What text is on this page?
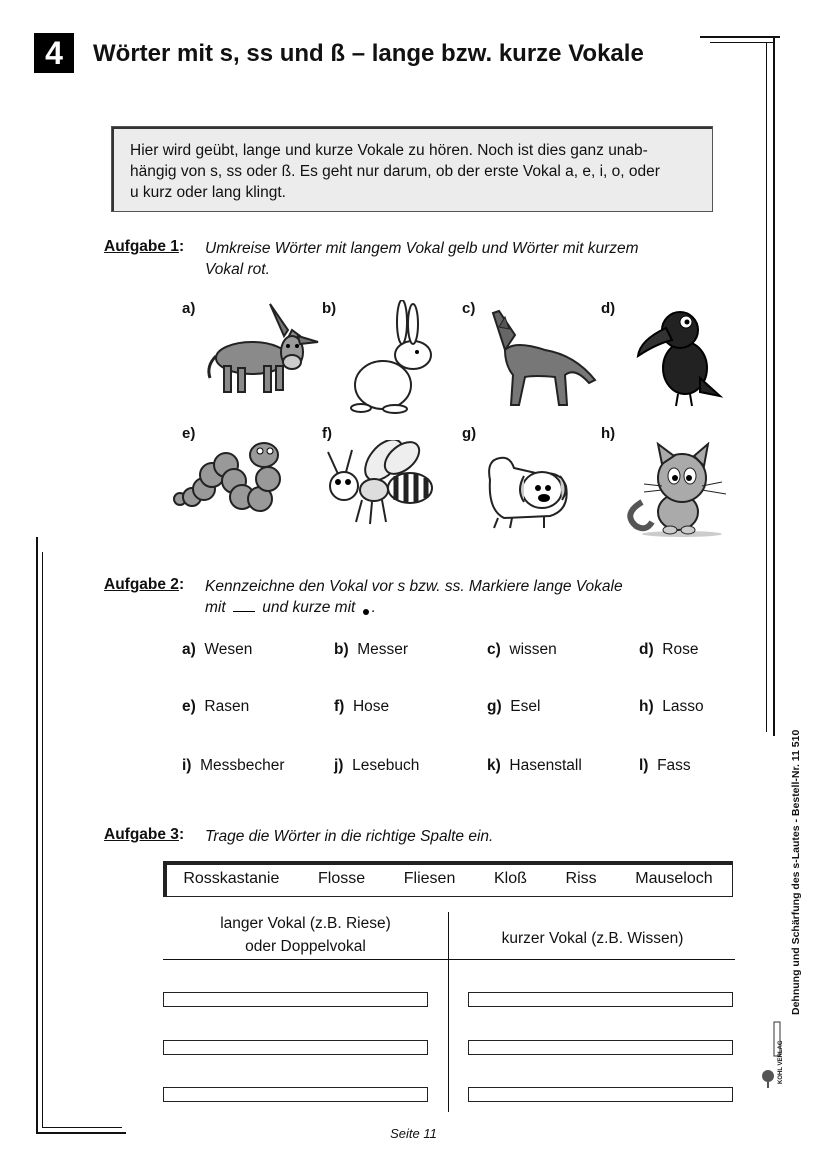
4	Wörter mit s, ss und ß – lange bzw. kurze Vokale
Hier wird geübt, lange und kurze Vokale zu hören. Noch ist dies ganz unab-
hängig von s, ss oder ß. Es geht nur darum, ob der erste Vokal a, e, i, o, oder
u kurz oder lang klingt.
Aufgabe 1: Umkreise Wörter mit langem Vokal gelb und Wörter mit kurzem
Vokal rot.
a)	b)	c)	d)
e)	f)	g)	h)
Aufgabe 2: Kennzeichne den Vokal vor s bzw. ss. Markiere lange Vokale
mit und kurze mit .
a) Wesen	b) Messer	c) wissen	d) Rose
e) Rasen	f) Hose	g) Esel	h) Lasso
i) Messbecher	j) Lesebuch	k) Hasenstall	l) Fass
Aufgabe 3: Trage die Wörter in die richtige Spalte ein.
Rosskastanie Flosse Fliesen Kloß Riss Mauseloch
langer Vokal (z.B. Riese)
oder Doppelvokal	kurzer Vokal (z.B. Wissen)	Dehnung und Schärfung des s-Lautes - Bestell-Nr. 11 510
KOHL VERLAG
Seite 11
